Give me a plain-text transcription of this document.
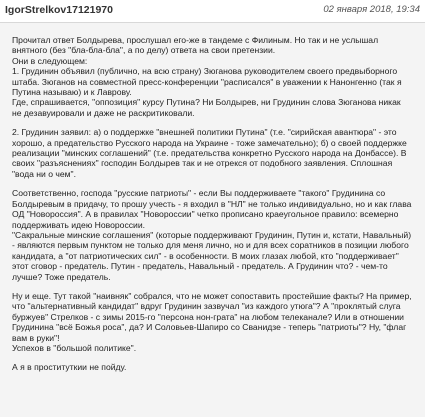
IgorStrelkov17121970	02 января 2018, 19:34

Прочитал ответ Болдырева, прослушал его-же в тандеме с Филиным. Но так и не услышал внятного (без "бла-бла-бла", а по делу) ответа на свои претензии.
Они в следующем:
1. Грудинин объявил (публично, на всю страну) Зюганова руководителем своего предвыборного штаба. Зюганов на совместной пресс-конференции "расписался" в уважении к Нанонгенно (так я Путина называю) и к Лаврову.
Где, спрашивается, "оппозиция" курсу Путина? Ни Болдырев, ни Грудинин слова Зюганова никак не дезавуировали и даже не раскритиковали.

2. Грудинин заявил: а) о поддержке "внешней политики Путина" (т.е. "сирийская авантюра" - это хорошо, а предательство Русского народа на Украине - тоже замечательно); б) о своей поддержке реализации "минских соглашений" (т.е. предательства конкретно Русского народа на Донбассе). В своих "разъяснениях" господин Болдырев так и не отрекся от подобного заявления. Сплошная "вода ни о чем".

Соответственно, господа "русские патриоты" - если Вы поддерживаете "такого" Грудинина со Болдыревым в придачу, то прошу учесть - я входил в "НЛ" не только индивидуально, но и как глава ОД "Новороссия". А в правилах "Новороссии" четко прописано краеугольное правило: всемерно поддерживать идею Новороссии.
"Сакральные минские соглашения" (которые поддерживают Грудинин, Путин и, кстати, Навальный) - являются первым пунктом не только для меня лично, но и для всех соратников в позиции любого кандидата, а "от патриотических сил" - в особенности. В моих глазах любой, кто "поддерживает" этот сговор - предатель. Путин - предатель, Навальный - предатель. А Грудинин что? - чем-то лучше? Тоже предатель.

Ну и еще. Тут такой "наивняк" собрался, что не может сопоставить простейшие факты? На пример, что "альтернативный кандидат" вдруг Грудинин зазвучал "из каждого утюга"? А "проклятый слуга буржуев" Стрелков - с зимы 2015-го "персона нон-грата" на любом телеканале? Или в отношении Грудинина "всё Божья роса", да? И Соловьев-Шапиро со Сванидзе - теперь "патриоты"? Ну, "флаг вам в руки"!
Успехов в "большой политике".

А я в проституткии не пойду.
